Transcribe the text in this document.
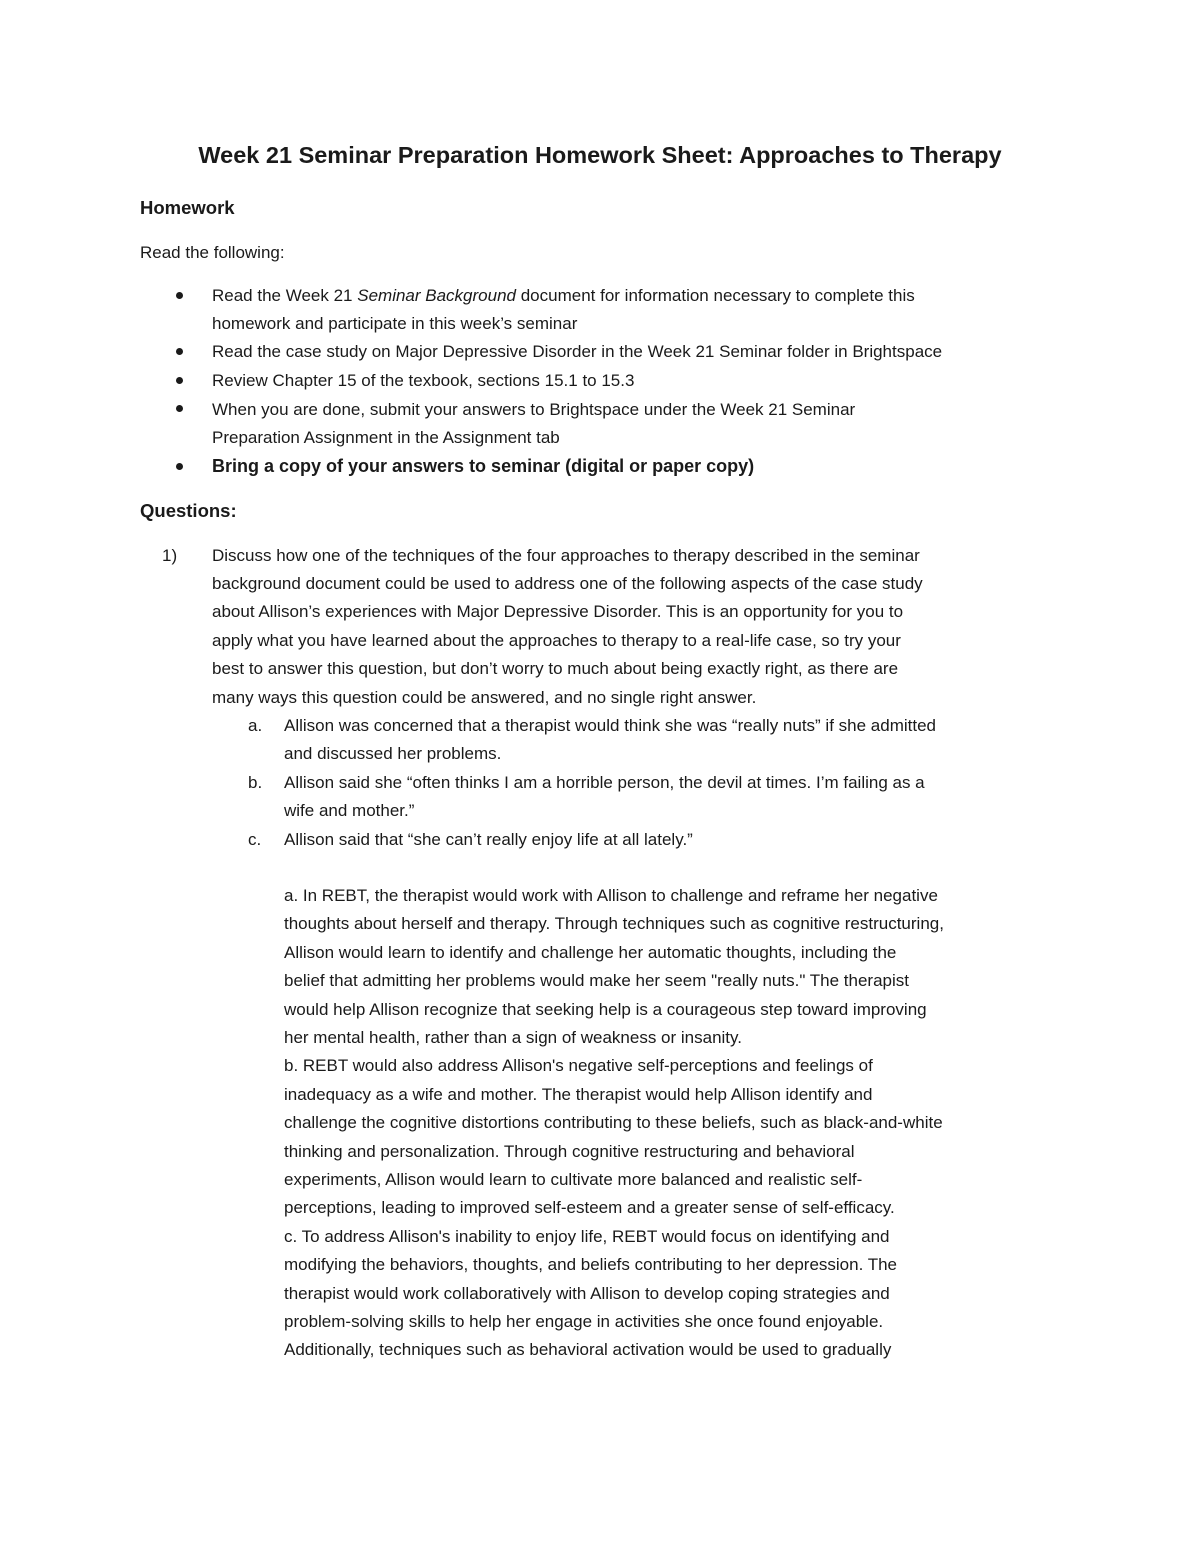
Week 21 Seminar Preparation Homework Sheet: Approaches to Therapy
Homework
Read the following:
Read the Week 21 Seminar Background document for information necessary to complete this
homework and participate in this week’s seminar
Read the case study on Major Depressive Disorder in the Week 21 Seminar folder in Brightspace
Review Chapter 15 of the texbook, sections 15.1 to 15.3
When you are done, submit your answers to Brightspace under the Week 21 Seminar
Preparation Assignment in the Assignment tab
Bring a copy of your answers to seminar (digital or paper copy)
Questions:
1) Discuss how one of the techniques of the four approaches to therapy described in the seminar
background document could be used to address one of the following aspects of the case study
about Allison’s experiences with Major Depressive Disorder. This is an opportunity for you to
apply what you have learned about the approaches to therapy to a real-life case, so try your
best to answer this question, but don’t worry to much about being exactly right, as there are
many ways this question could be answered, and no single right answer.
a. Allison was concerned that a therapist would think she was “really nuts” if she admitted
and discussed her problems.
b. Allison said she “often thinks I am a horrible person, the devil at times. I’m failing as a
wife and mother.”
c. Allison said that “she can’t really enjoy life at all lately.”
a. In REBT, the therapist would work with Allison to challenge and reframe her negative
thoughts about herself and therapy. Through techniques such as cognitive restructuring,
Allison would learn to identify and challenge her automatic thoughts, including the
belief that admitting her problems would make her seem "really nuts." The therapist
would help Allison recognize that seeking help is a courageous step toward improving
her mental health, rather than a sign of weakness or insanity.
b. REBT would also address Allison's negative self-perceptions and feelings of
inadequacy as a wife and mother. The therapist would help Allison identify and
challenge the cognitive distortions contributing to these beliefs, such as black-and-white
thinking and personalization. Through cognitive restructuring and behavioral
experiments, Allison would learn to cultivate more balanced and realistic self-
perceptions, leading to improved self-esteem and a greater sense of self-efficacy.
c. To address Allison's inability to enjoy life, REBT would focus on identifying and
modifying the behaviors, thoughts, and beliefs contributing to her depression. The
therapist would work collaboratively with Allison to develop coping strategies and
problem-solving skills to help her engage in activities she once found enjoyable.
Additionally, techniques such as behavioral activation would be used to gradually
